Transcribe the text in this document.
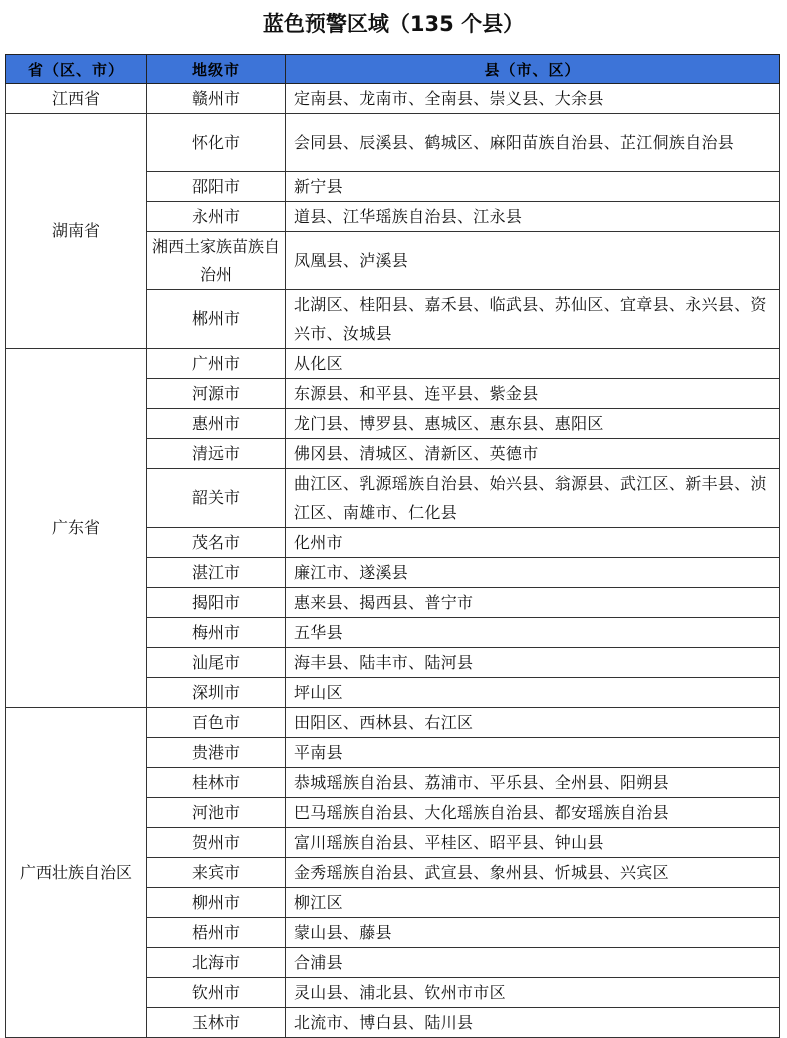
蓝色预警区域（135 个县）
省（区、市）	地级市	县（市、区）
江西省	赣州市	定南县、龙南市、全南县、崇义县、大余县
湖南省	怀化市	会同县、辰溪县、鹤城区、麻阳苗族自治县、芷江侗族自治县
	邵阳市	新宁县
	永州市	道县、江华瑶族自治县、江永县
	湘西土家族苗族自治州	凤凰县、泸溪县
	郴州市	北湖区、桂阳县、嘉禾县、临武县、苏仙区、宜章县、永兴县、资兴市、汝城县
广东省	广州市	从化区
	河源市	东源县、和平县、连平县、紫金县
	惠州市	龙门县、博罗县、惠城区、惠东县、惠阳区
	清远市	佛冈县、清城区、清新区、英德市
	韶关市	曲江区、乳源瑶族自治县、始兴县、翁源县、武江区、新丰县、浈江区、南雄市、仁化县
	茂名市	化州市
	湛江市	廉江市、遂溪县
	揭阳市	惠来县、揭西县、普宁市
	梅州市	五华县
	汕尾市	海丰县、陆丰市、陆河县
	深圳市	坪山区
广西壮族自治区	百色市	田阳区、西林县、右江区
	贵港市	平南县
	桂林市	恭城瑶族自治县、荔浦市、平乐县、全州县、阳朔县
	河池市	巴马瑶族自治县、大化瑶族自治县、都安瑶族自治县
	贺州市	富川瑶族自治县、平桂区、昭平县、钟山县
	来宾市	金秀瑶族自治县、武宣县、象州县、忻城县、兴宾区
	柳州市	柳江区
	梧州市	蒙山县、藤县
	北海市	合浦县
	钦州市	灵山县、浦北县、钦州市市区
	玉林市	北流市、博白县、陆川县
